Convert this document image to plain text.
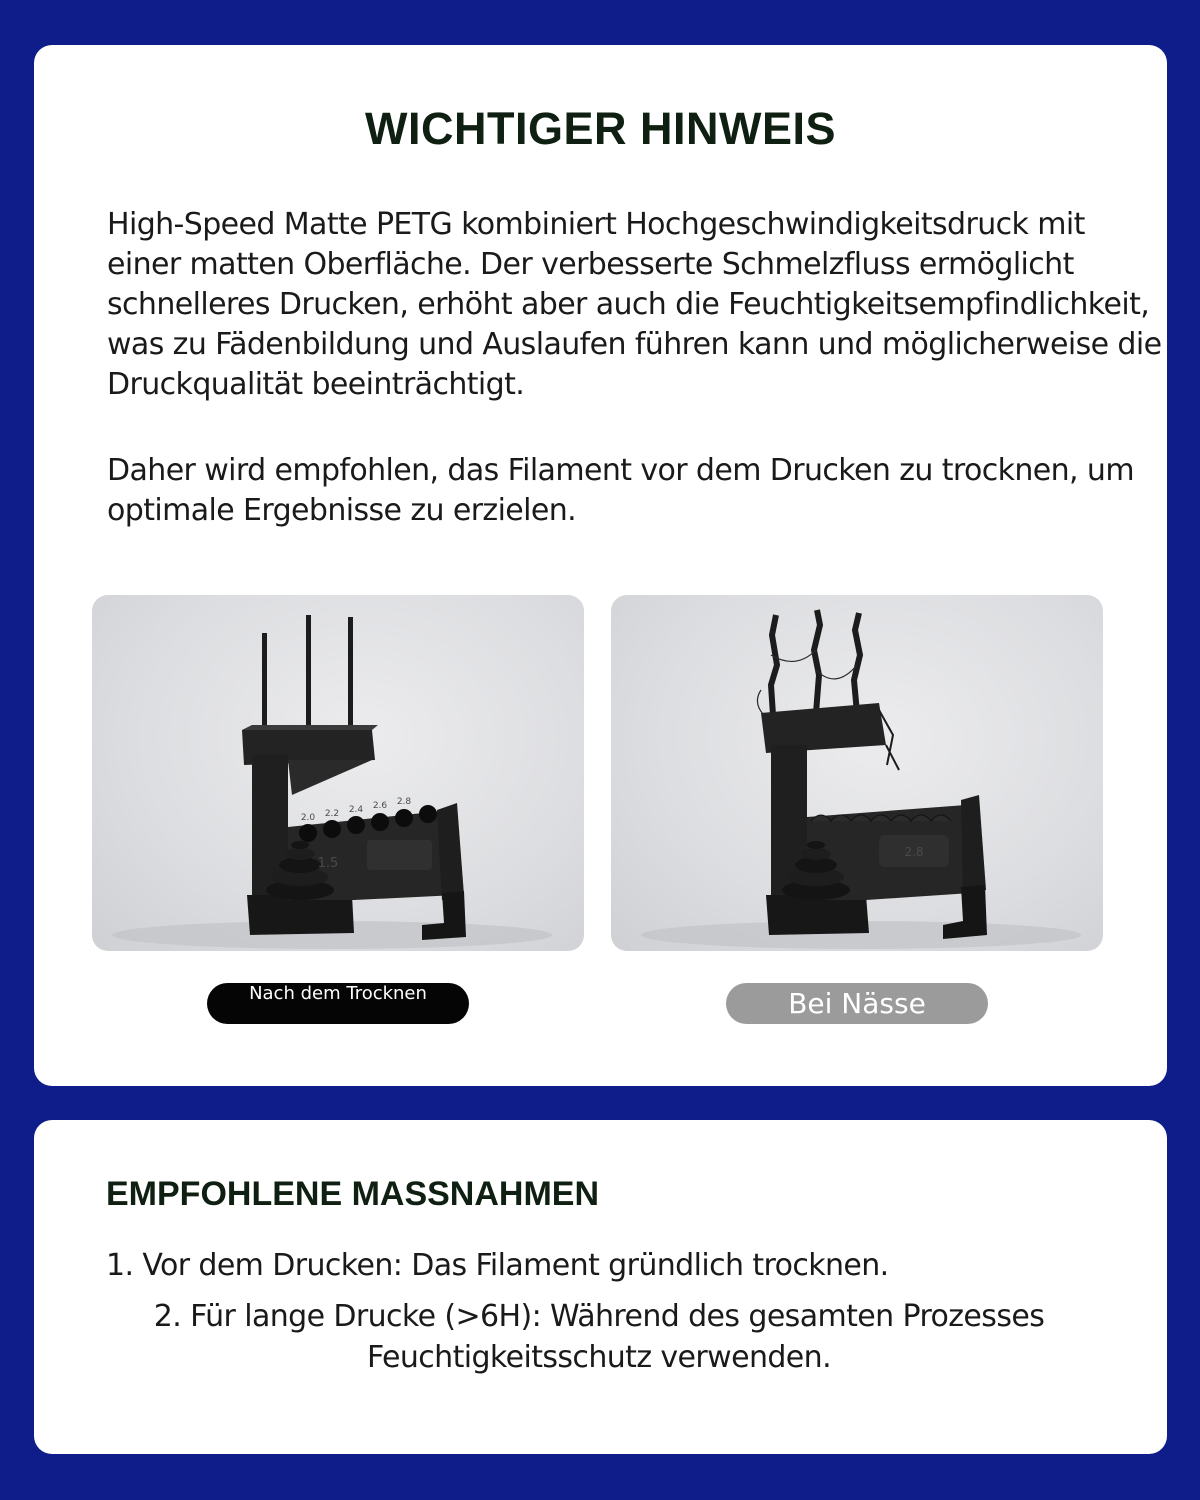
WICHTIGER HINWEIS

High-Speed Matte PETG kombiniert Hochgeschwindigkeitsdruck mit einer matten Oberfläche. Der verbesserte Schmelzfluss ermöglicht schnelleres Drucken, erhöht aber auch die Feuchtigkeitsempfindlichkeit, was zu Fädenbildung und Auslaufen führen kann und möglicherweise die Druckqualität beeinträchtigt.

Daher wird empfohlen, das Filament vor dem Drucken zu trocknen, um optimale Ergebnisse zu erzielen.

2.0 2.2 2.4 2.6 2.8
1.5
2.8
Nach dem Trocknen	Bei Nässe
EMPFOHLENE MASSNAHMEN
1. Vor dem Drucken: Das Filament gründlich trocknen.
2. Für lange Drucke (>6H): Während des gesamten Prozesses Feuchtigkeitsschutz verwenden.
